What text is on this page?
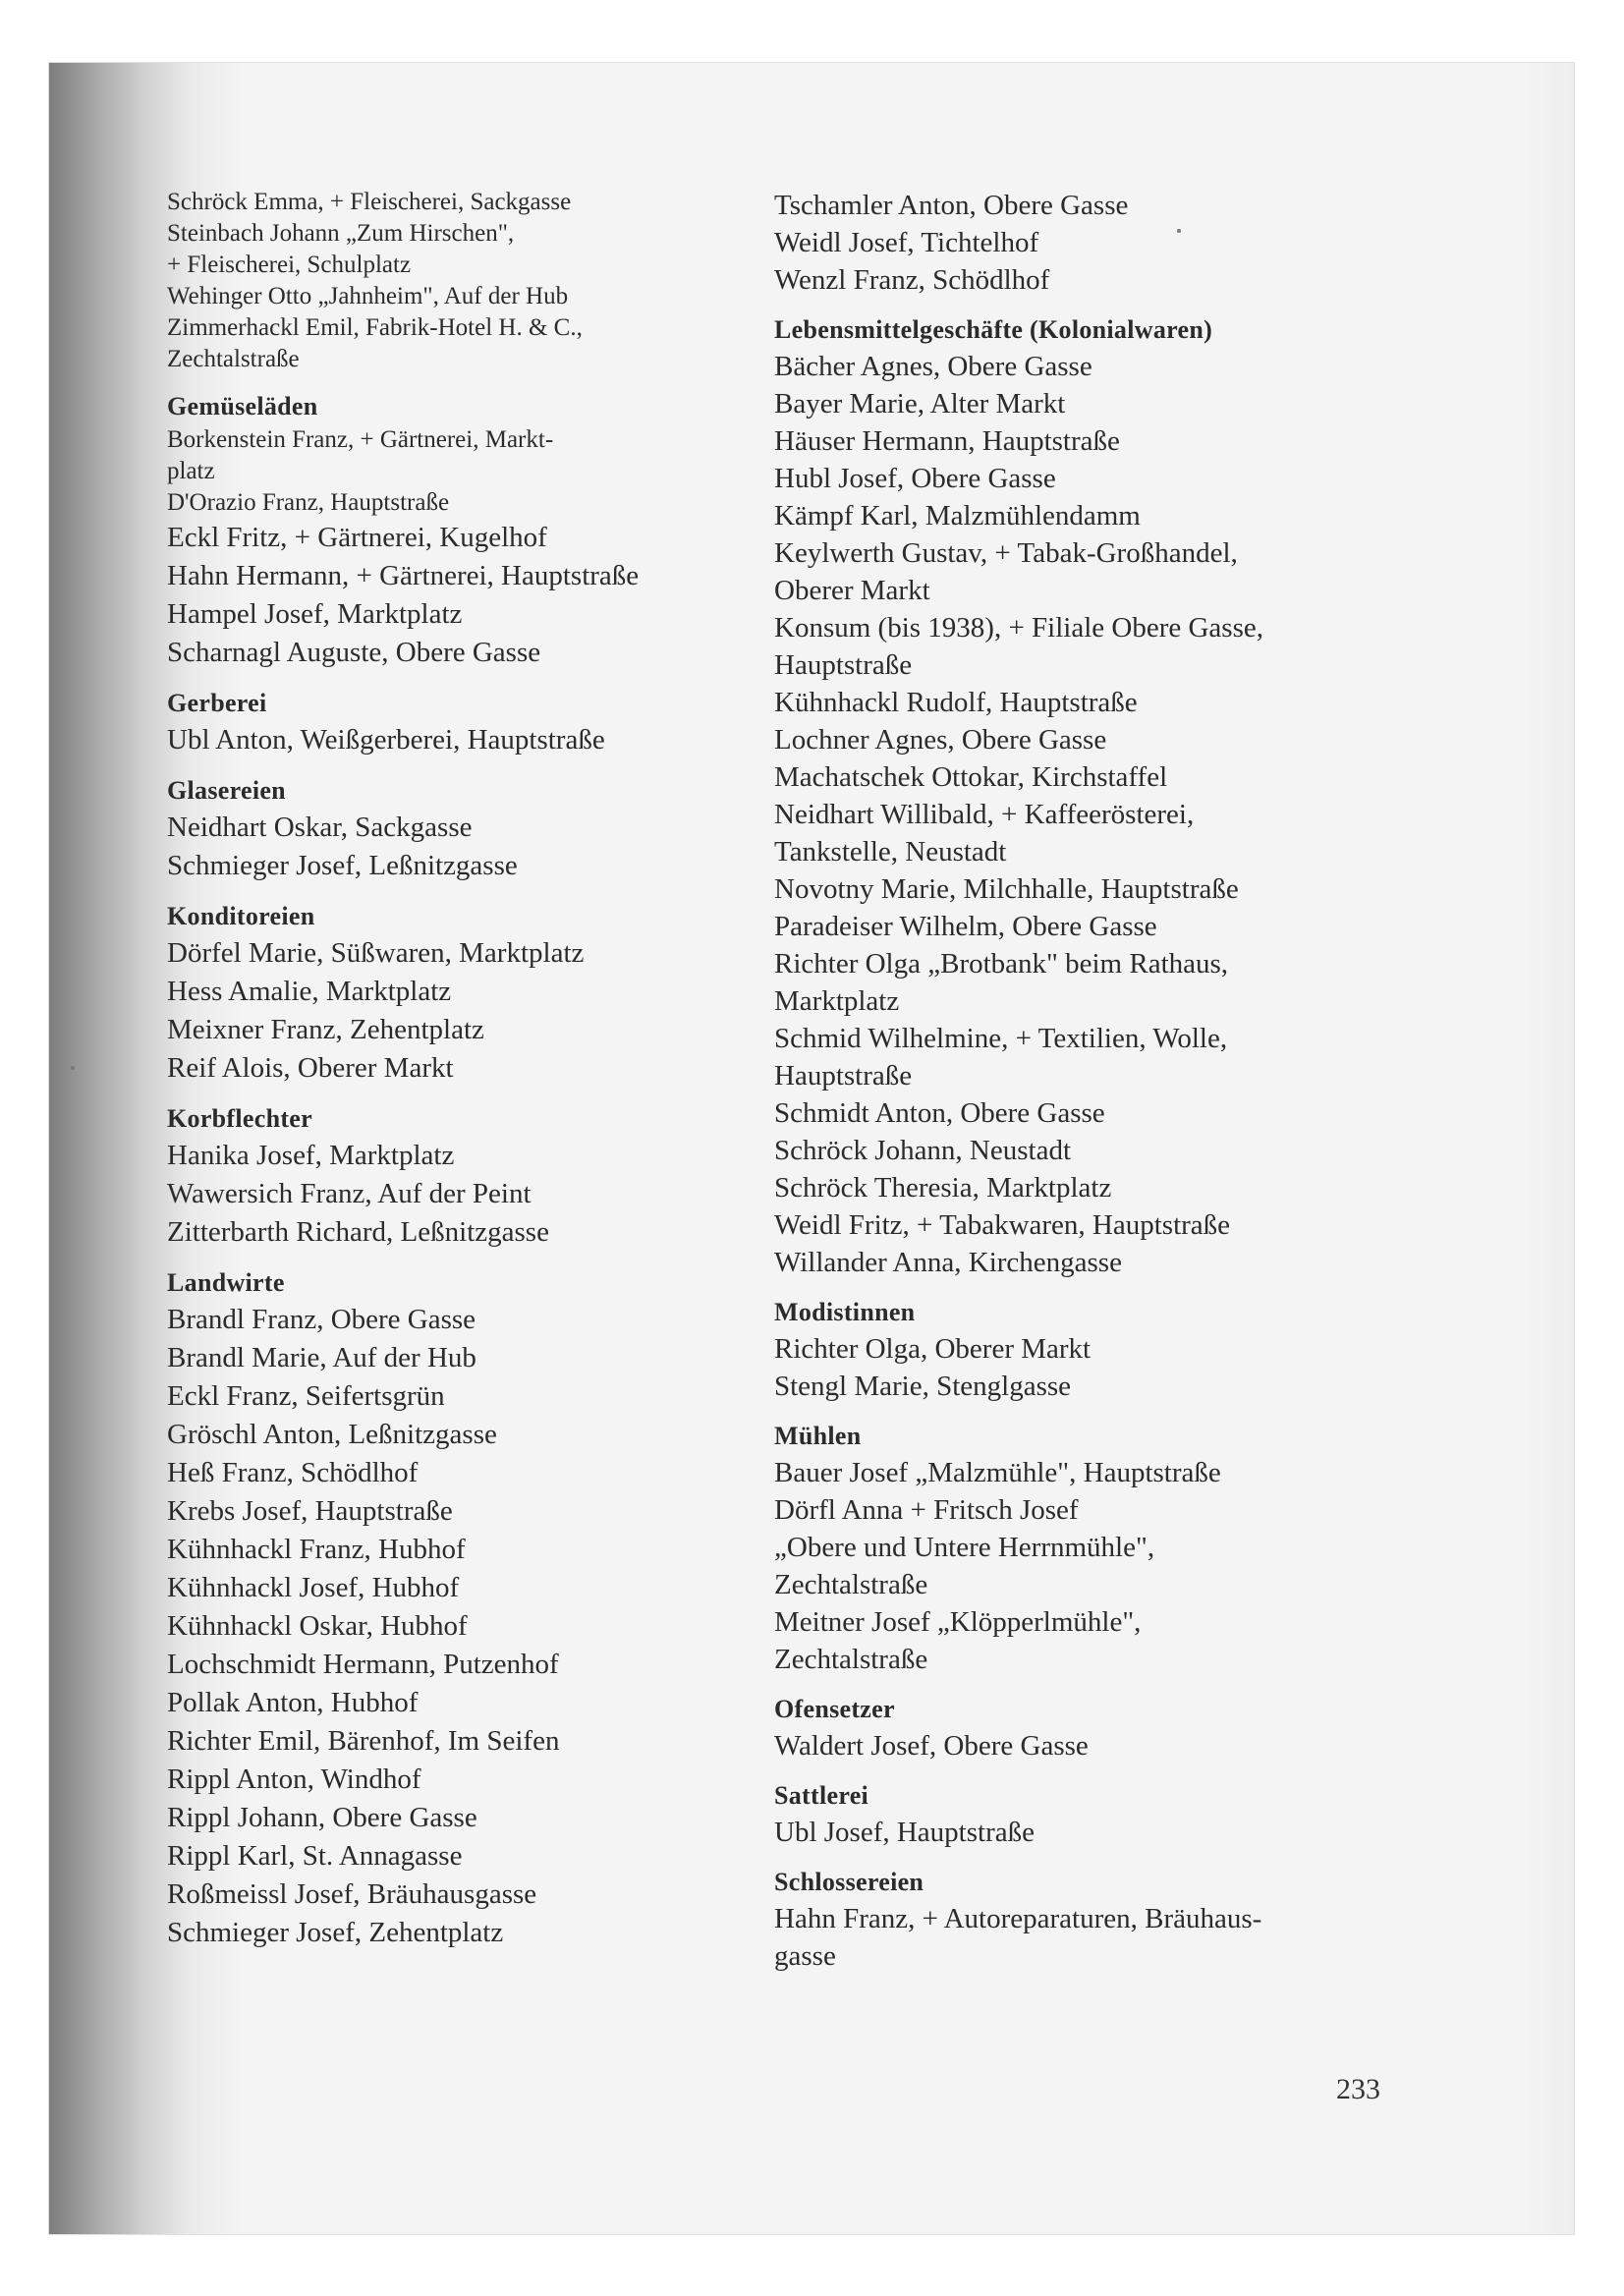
Schröck Emma, + Fleischerei, Sackgasse
Steinbach Johann „Zum Hirschen",
+ Fleischerei, Schulplatz
Wehinger Otto „Jahnheim", Auf der Hub
Zimmerhackl Emil, Fabrik-Hotel H. & C.,
Zechtalstraße
Gemüseläden
Borkenstein Franz, + Gärtnerei, Markt-
platz
D'Orazio Franz, Hauptstraße
Eckl Fritz, + Gärtnerei, Kugelhof
Hahn Hermann, + Gärtnerei, Hauptstraße
Hampel Josef, Marktplatz
Scharnagl Auguste, Obere Gasse
Gerberei
Ubl Anton, Weißgerberei, Hauptstraße
Glasereien
Neidhart Oskar, Sackgasse
Schmieger Josef, Leßnitzgasse
Konditoreien
Dörfel Marie, Süßwaren, Marktplatz
Hess Amalie, Marktplatz
Meixner Franz, Zehentplatz
Reif Alois, Oberer Markt
Korbflechter
Hanika Josef, Marktplatz
Wawersich Franz, Auf der Peint
Zitterbarth Richard, Leßnitzgasse
Landwirte
Brandl Franz, Obere Gasse
Brandl Marie, Auf der Hub
Eckl Franz, Seifertsgrün
Gröschl Anton, Leßnitzgasse
Heß Franz, Schödlhof
Krebs Josef, Hauptstraße
Kühnhackl Franz, Hubhof
Kühnhackl Josef, Hubhof
Kühnhackl Oskar, Hubhof
Lochschmidt Hermann, Putzenhof
Pollak Anton, Hubhof
Richter Emil, Bärenhof, Im Seifen
Rippl Anton, Windhof
Rippl Johann, Obere Gasse
Rippl Karl, St. Annagasse
Roßmeissl Josef, Bräuhausgasse
Schmieger Josef, Zehentplatz
Tschamler Anton, Obere Gasse
Weidl Josef, Tichtelhof
Wenzl Franz, Schödlhof
Lebensmittelgeschäfte (Kolonialwaren)
Bächer Agnes, Obere Gasse
Bayer Marie, Alter Markt
Häuser Hermann, Hauptstraße
Hubl Josef, Obere Gasse
Kämpf Karl, Malzmühlendamm
Keylwerth Gustav, + Tabak-Großhandel,
Oberer Markt
Konsum (bis 1938), + Filiale Obere Gasse,
Hauptstraße
Kühnhackl Rudolf, Hauptstraße
Lochner Agnes, Obere Gasse
Machatschek Ottokar, Kirchstaffel
Neidhart Willibald, + Kaffeerösterei,
Tankstelle, Neustadt
Novotny Marie, Milchhalle, Hauptstraße
Paradeiser Wilhelm, Obere Gasse
Richter Olga „Brotbank" beim Rathaus,
Marktplatz
Schmid Wilhelmine, + Textilien, Wolle,
Hauptstraße
Schmidt Anton, Obere Gasse
Schröck Johann, Neustadt
Schröck Theresia, Marktplatz
Weidl Fritz, + Tabakwaren, Hauptstraße
Willander Anna, Kirchengasse
Modistinnen
Richter Olga, Oberer Markt
Stengl Marie, Stenglgasse
Mühlen
Bauer Josef „Malzmühle", Hauptstraße
Dörfl Anna + Fritsch Josef
„Obere und Untere Herrnmühle",
Zechtalstraße
Meitner Josef „Klöpperlmühle",
Zechtalstraße
Ofensetzer
Waldert Josef, Obere Gasse
Sattlerei
Ubl Josef, Hauptstraße
Schlossereien
Hahn Franz, + Autoreparaturen, Bräuhaus-
gasse
233
